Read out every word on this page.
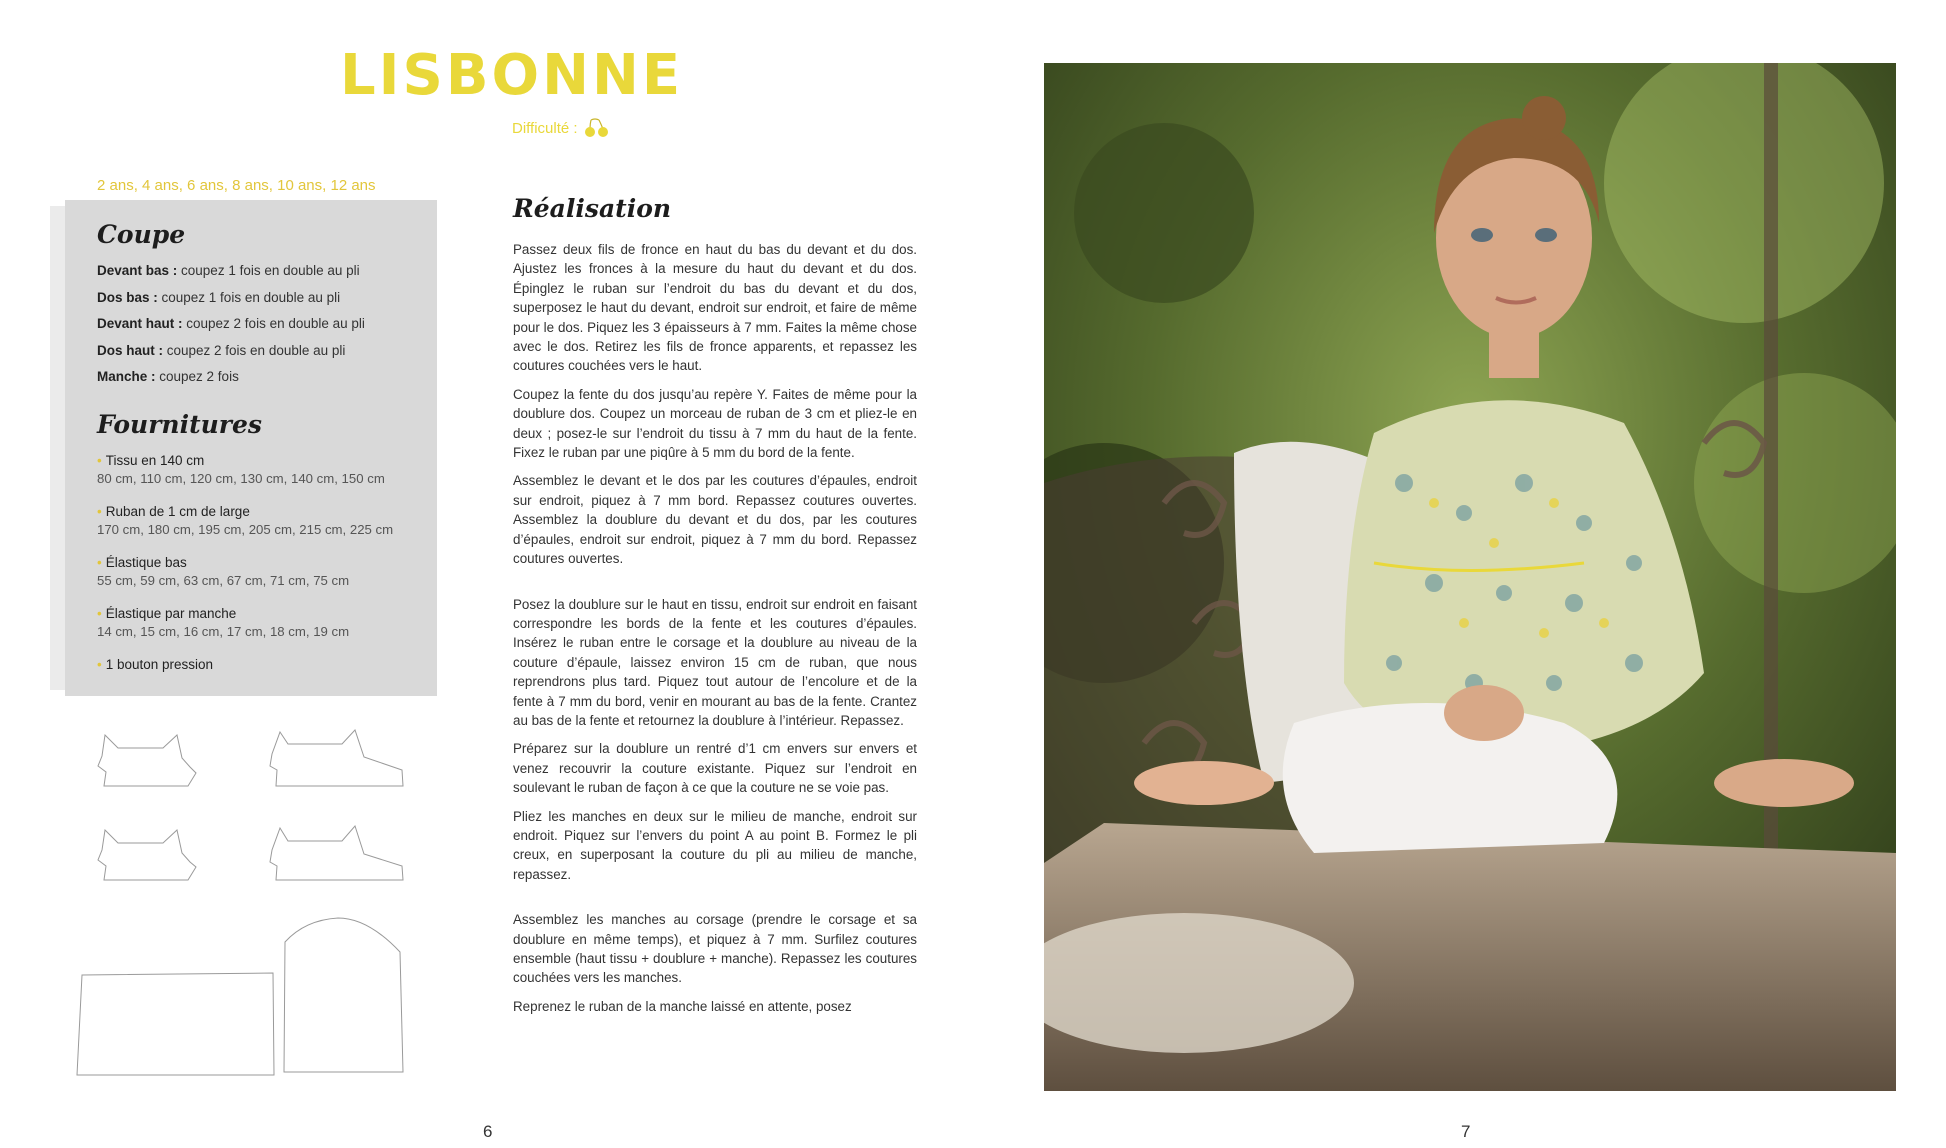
LISBONNE
Difficulté :
2 ans, 4 ans, 6 ans, 8 ans, 10 ans, 12 ans
Coupe
Devant bas : coupez 1 fois en double au pli
Dos bas : coupez 1 fois en double au pli
Devant haut : coupez 2 fois en double au pli
Dos haut : coupez 2 fois en double au pli
Manche : coupez 2 fois
Fournitures
• Tissu en 140 cm
80 cm, 110 cm, 120 cm, 130 cm, 140 cm, 150 cm
• Ruban de 1 cm de large
170 cm, 180 cm, 195 cm, 205 cm, 215 cm, 225 cm
• Élastique bas
55 cm, 59 cm, 63 cm, 67 cm, 71 cm, 75 cm
• Élastique par manche
14 cm, 15 cm, 16 cm, 17 cm, 18 cm, 19 cm
• 1 bouton pression
Réalisation

Passez deux fils de fronce en haut du bas du devant et du dos. Ajustez les fronces à la mesure du haut du devant et du dos. Épinglez le ruban sur l’endroit du bas du devant et du dos, superposez le haut du devant, endroit sur endroit, et faire de même pour le dos. Piquez les 3 épaisseurs à 7 mm. Faites la même chose avec le dos. Retirez les fils de fronce apparents, et repassez les coutures couchées vers le haut.

Coupez la fente du dos jusqu’au repère Y. Faites de même pour la doublure dos. Coupez un morceau de ruban de 3 cm et pliez-le en deux ; posez-le sur l’endroit du tissu à 7 mm du haut de la fente. Fixez le ruban par une piqûre à 5 mm du bord de la fente.

Assemblez le devant et le dos par les coutures d’épaules, endroit sur endroit, piquez à 7 mm bord. Repassez coutures ouvertes. Assemblez la doublure du devant et du dos, par les coutures d’épaules, endroit sur endroit, piquez à 7 mm du bord. Repassez coutures ouvertes.

Posez la doublure sur le haut en tissu, endroit sur endroit en faisant correspondre les bords de la fente et les coutures d’épaules. Insérez le ruban entre le corsage et la doublure au niveau de la couture d’épaule, laissez environ 15 cm de ruban, que nous reprendrons plus tard. Piquez tout autour de l’encolure et de la fente à 7 mm du bord, venir en mourant au bas de la fente. Crantez au bas de la fente et retournez la doublure à l’intérieur. Repassez.

Préparez sur la doublure un rentré d’1 cm envers sur envers et venez recouvrir la couture existante. Piquez sur l’endroit en soulevant le ruban de façon à ce que la couture ne se voie pas.

Pliez les manches en deux sur le milieu de manche, endroit sur endroit. Piquez sur l’envers du point A au point B. Formez le pli creux, en superposant la couture du pli au milieu de manche, repassez.

Assemblez les manches au corsage (prendre le corsage et sa doublure en même temps), et piquez à 7 mm. Surfilez coutures ensemble (haut tissu + doublure + manche). Repassez les coutures couchées vers les manches.

Reprenez le ruban de la manche laissé en attente, posez

6	7
